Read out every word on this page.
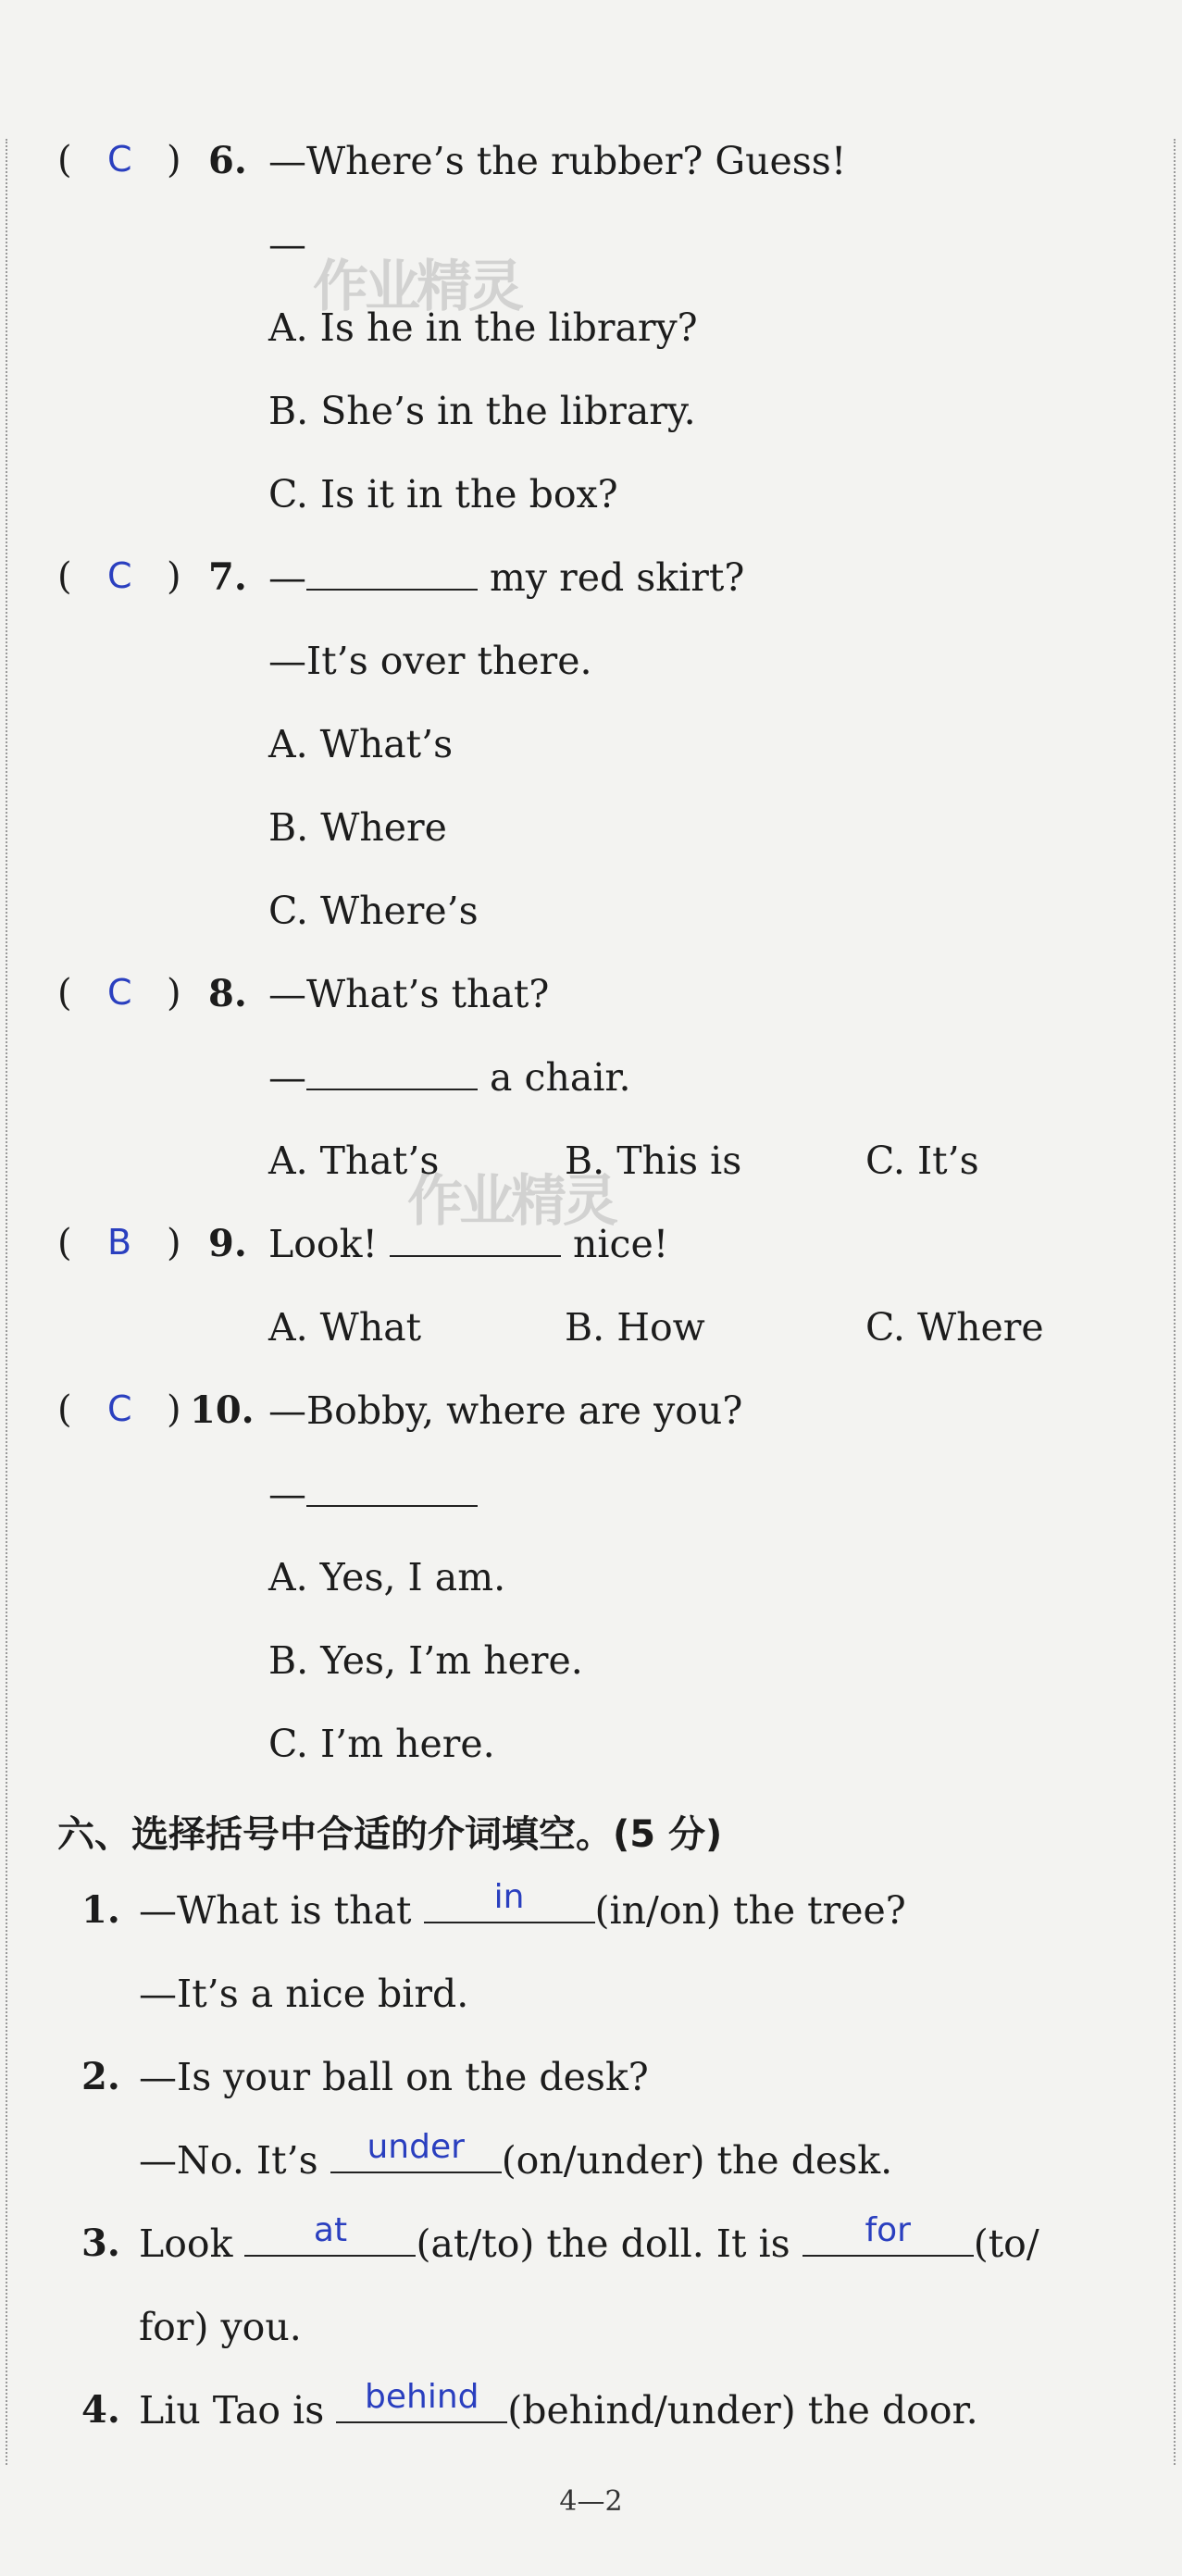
作业精灵
作业精灵
( C ) 6. —Where’s the rubber? Guess!
—
A. Is he in the library?
B. She’s in the library.
C. Is it in the box?
( C ) 7. —	my red skirt?
—It’s over there.
A. What’s
B. Where
C. Where’s
( C ) 8. —What’s that?
—	a chair.
A. That’s	B. This is	C. It’s
( B ) 9. Look!	nice!
A. What	B. How	C. Where
( C ) 10. —Bobby, where are you?
—
A. Yes, I am.
B. Yes, I’m here.
C. I’m here.
六、选择括号中合适的介词填空。(5 分)
1. —What is that	in	(in/on) the tree?
—It’s a nice bird.
2. —Is your ball on the desk?
—No. It’s	under (on/under) the desk.
3. Look	at	(at/to) the doll. It is	for	(to/
for) you.
4. Liu Tao is behind (behind/under) the door.
4—2
